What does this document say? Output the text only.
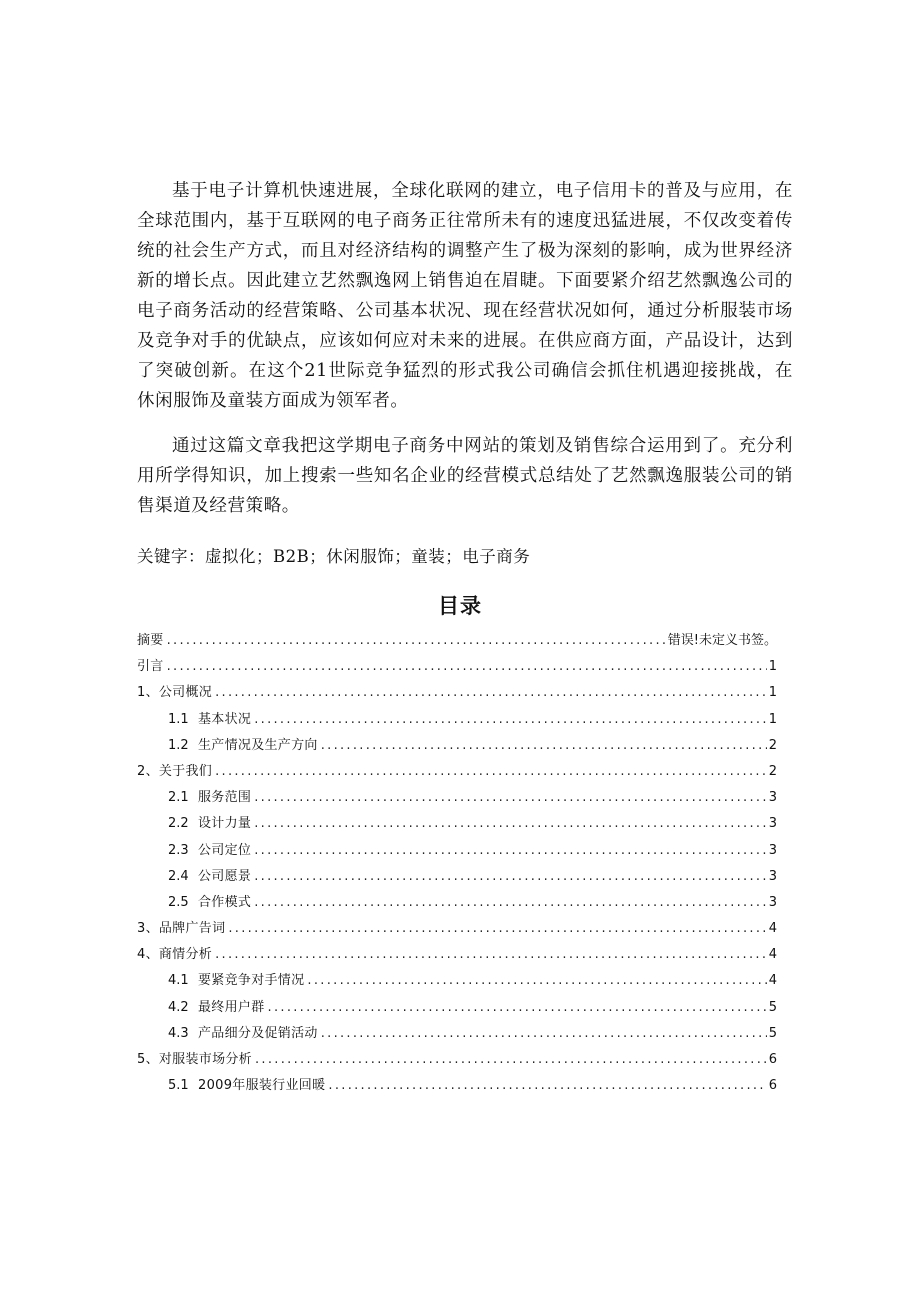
基于电子计算机快速进展，全球化联网的建立，电子信用卡的普及与应用，在全球范围内，基于互联网的电子商务正往常所未有的速度迅猛进展，不仅改变着传统的社会生产方式，而且对经济结构的调整产生了极为深刻的影响，成为世界经济新的增长点。因此建立艺然飘逸网上销售迫在眉睫。下面要紧介绍艺然飘逸公司的电子商务活动的经营策略、公司基本状况、现在经营状况如何，通过分析服装市场及竞争对手的优缺点，应该如何应对未来的进展。在供应商方面，产品设计，达到了突破创新。在这个21世际竞争猛烈的形式我公司确信会抓住机遇迎接挑战，在休闲服饰及童装方面成为领军者。

通过这篇文章我把这学期电子商务中网站的策划及销售综合运用到了。充分利用所学得知识，加上搜索一些知名企业的经营模式总结处了艺然飘逸服装公司的销售渠道及经营策略。

关键字：虚拟化；B2B；休闲服饰；童装；电子商务
目录
摘要 .....	错误!未定义书签。
引言 .....	1
1、公司概况 .....	1
1.1 基本状况 .....	1
1.2 生产情况及生产方向 .....	2
2、关于我们 .....	2
2.1 服务范围 .....	3
2.2 设计力量 .....	3
2.3 公司定位 .....	3
2.4 公司愿景 .....	3
2.5 合作模式 .....	3
3、品牌广告词 .....	4
4、商情分析 .....	4
4.1 要紧竞争对手情况 .....	4
4.2 最终用户群 .....	5
4.3 产品细分及促销活动 .....	5
5、对服装市场分析 .....	6
5.1 2009年服装行业回暖 .....	6
